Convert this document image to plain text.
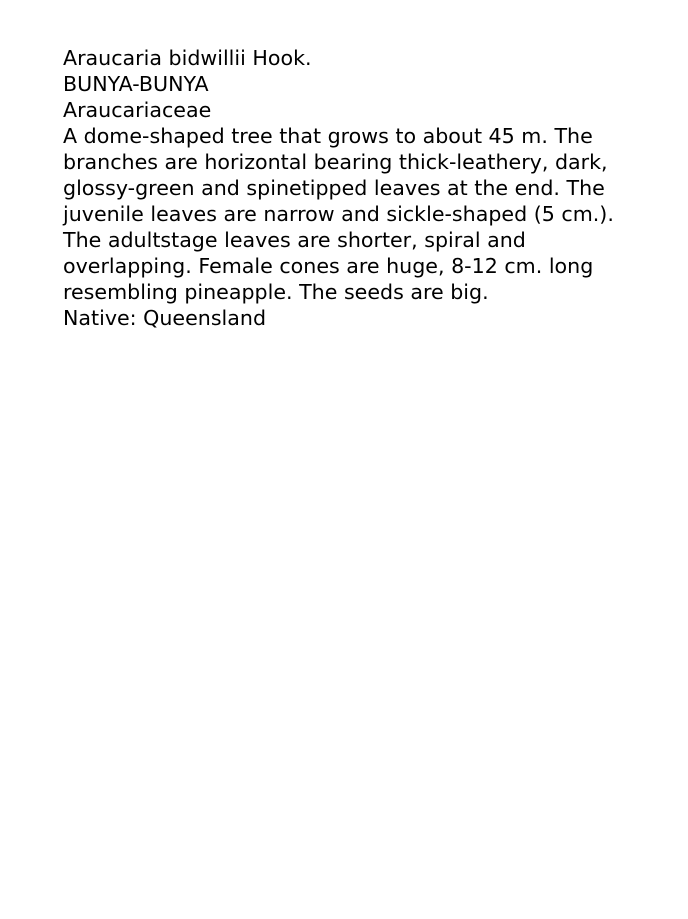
Araucaria bidwillii Hook.
BUNYA-BUNYA
Araucariaceae
A dome-shaped tree that grows to about 45 m. The
branches are horizontal bearing thick-leathery, dark,
glossy-green and spinetipped leaves at the end. The
juvenile leaves are narrow and sickle-shaped (5 cm.).
The adultstage leaves are shorter, spiral and
overlapping. Female cones are huge, 8-12 cm. long
resembling pineapple. The seeds are big.
Native: Queensland
